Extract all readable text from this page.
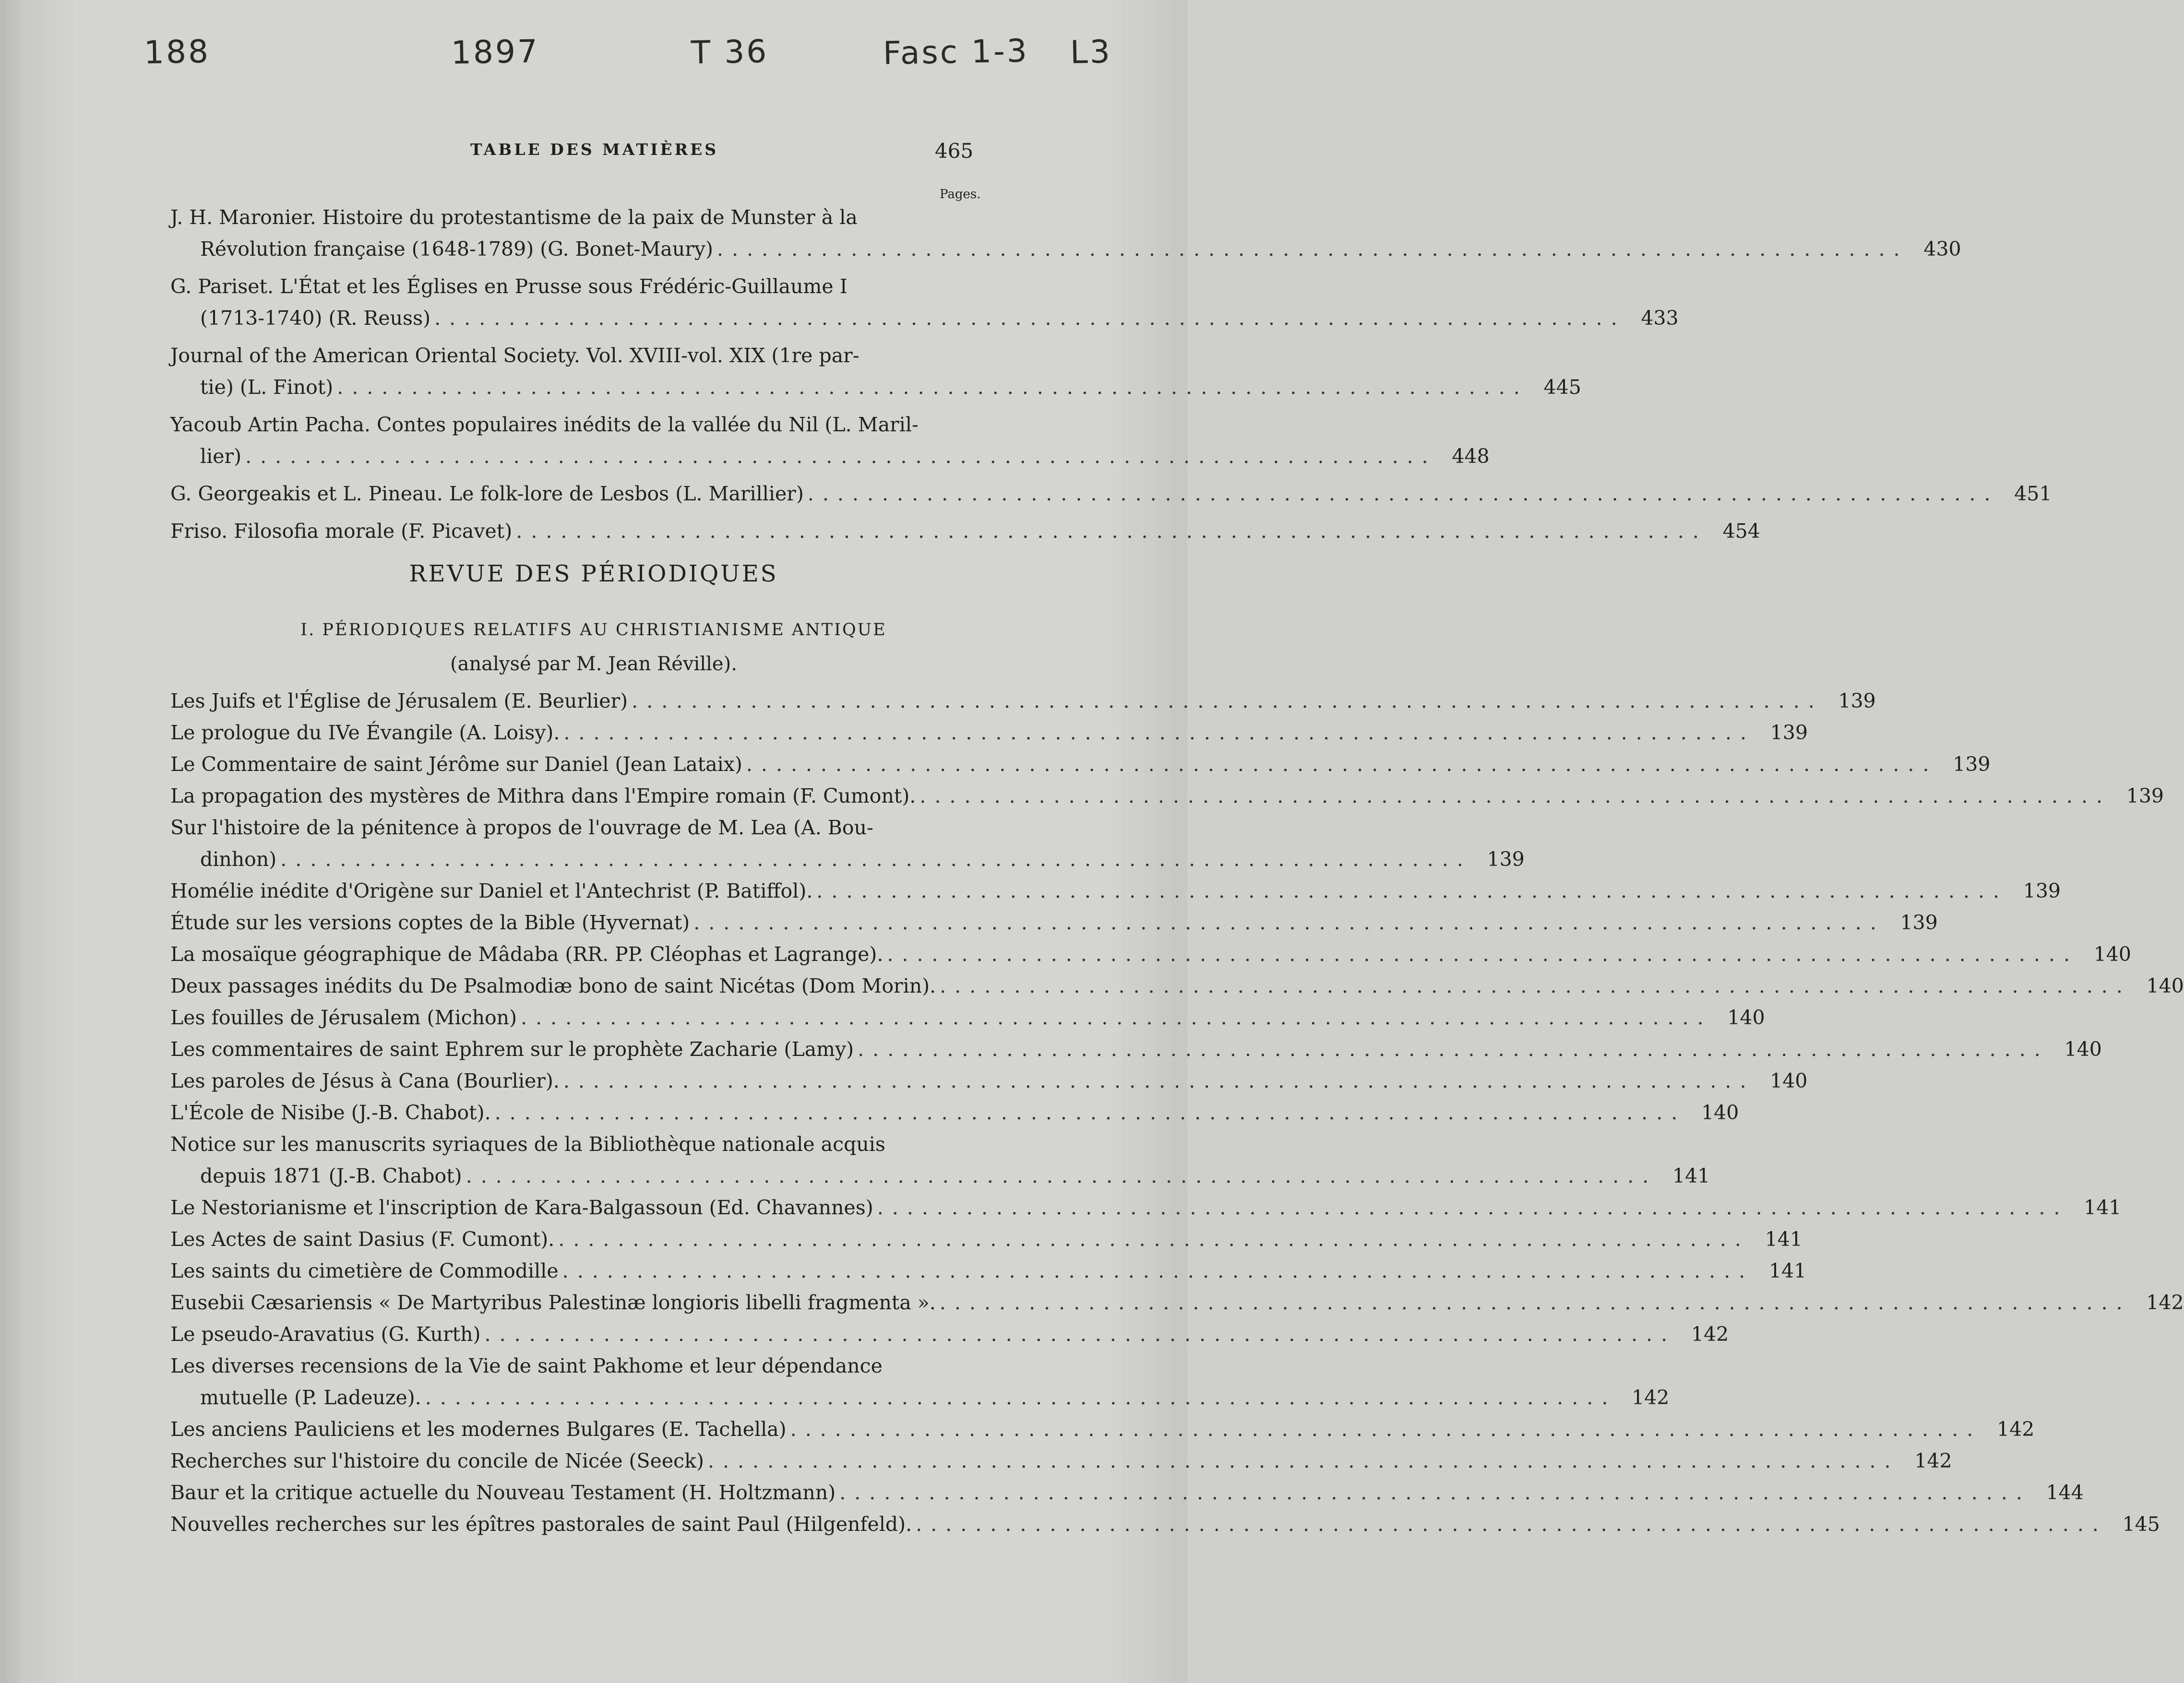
188	1897	T 36	Fasc 1-3 L3
TABLE DES MATIÈRES	465
Pages.
J. H. Maronier. Histoire du protestantisme de la paix de Munster à la
Révolution française (1648-1789) (G. Bonet-Maury) ................................................................................ 430
G. Pariset. L'État et les Églises en Prusse sous Frédéric-Guillaume I
(1713-1740) (R. Reuss) ................................................................................ 433
Journal of the American Oriental Society. Vol. XVIII-vol. XIX (1re par-
tie) (L. Finot) ................................................................................ 445
Yacoub Artin Pacha. Contes populaires inédits de la vallée du Nil (L. Maril-
lier) ................................................................................ 448
G. Georgeakis et L. Pineau. Le folk-lore de Lesbos (L. Marillier) ................................................................................ 451
Friso. Filosofia morale (F. Picavet) ................................................................................ 454
REVUE DES PÉRIODIQUES
I. PÉRIODIQUES RELATIFS AU CHRISTIANISME ANTIQUE
(analysé par M. Jean Réville).
Les Juifs et l'Église de Jérusalem (E. Beurlier) ................................................................................ 139
Le prologue du IVe Évangile (A. Loisy). ................................................................................ 139
Le Commentaire de saint Jérôme sur Daniel (Jean Lataix) ................................................................................ 139
La propagation des mystères de Mithra dans l'Empire romain (F. Cumont). ................................................................................ 139
Sur l'histoire de la pénitence à propos de l'ouvrage de M. Lea (A. Bou-
dinhon) ................................................................................ 139
Homélie inédite d'Origène sur Daniel et l'Antechrist (P. Batiffol). ................................................................................ 139
Étude sur les versions coptes de la Bible (Hyvernat) ................................................................................ 139
La mosaïque géographique de Mâdaba (RR. PP. Cléophas et Lagrange). ................................................................................ 140
Deux passages inédits du De Psalmodiæ bono de saint Nicétas (Dom Morin). ................................................................................ 140
Les fouilles de Jérusalem (Michon) ................................................................................ 140
Les commentaires de saint Ephrem sur le prophète Zacharie (Lamy) ................................................................................ 140
Les paroles de Jésus à Cana (Bourlier). ................................................................................ 140
L'École de Nisibe (J.-B. Chabot). ................................................................................ 140
Notice sur les manuscrits syriaques de la Bibliothèque nationale acquis
depuis 1871 (J.-B. Chabot) ................................................................................ 141
Le Nestorianisme et l'inscription de Kara-Balgassoun (Ed. Chavannes) ................................................................................ 141
Les Actes de saint Dasius (F. Cumont). ................................................................................ 141
Les saints du cimetière de Commodille ................................................................................ 141
Eusebii Cæsariensis « De Martyribus Palestinæ longioris libelli fragmenta ». ................................................................................ 142
Le pseudo-Aravatius (G. Kurth) ................................................................................ 142
Les diverses recensions de la Vie de saint Pakhome et leur dépendance
mutuelle (P. Ladeuze). ................................................................................ 142
Les anciens Pauliciens et les modernes Bulgares (E. Tachella) ................................................................................ 142
Recherches sur l'histoire du concile de Nicée (Seeck) ................................................................................ 142
Baur et la critique actuelle du Nouveau Testament (H. Holtzmann) ................................................................................ 144
Nouvelles recherches sur les épîtres pastorales de saint Paul (Hilgenfeld). ................................................................................ 145
